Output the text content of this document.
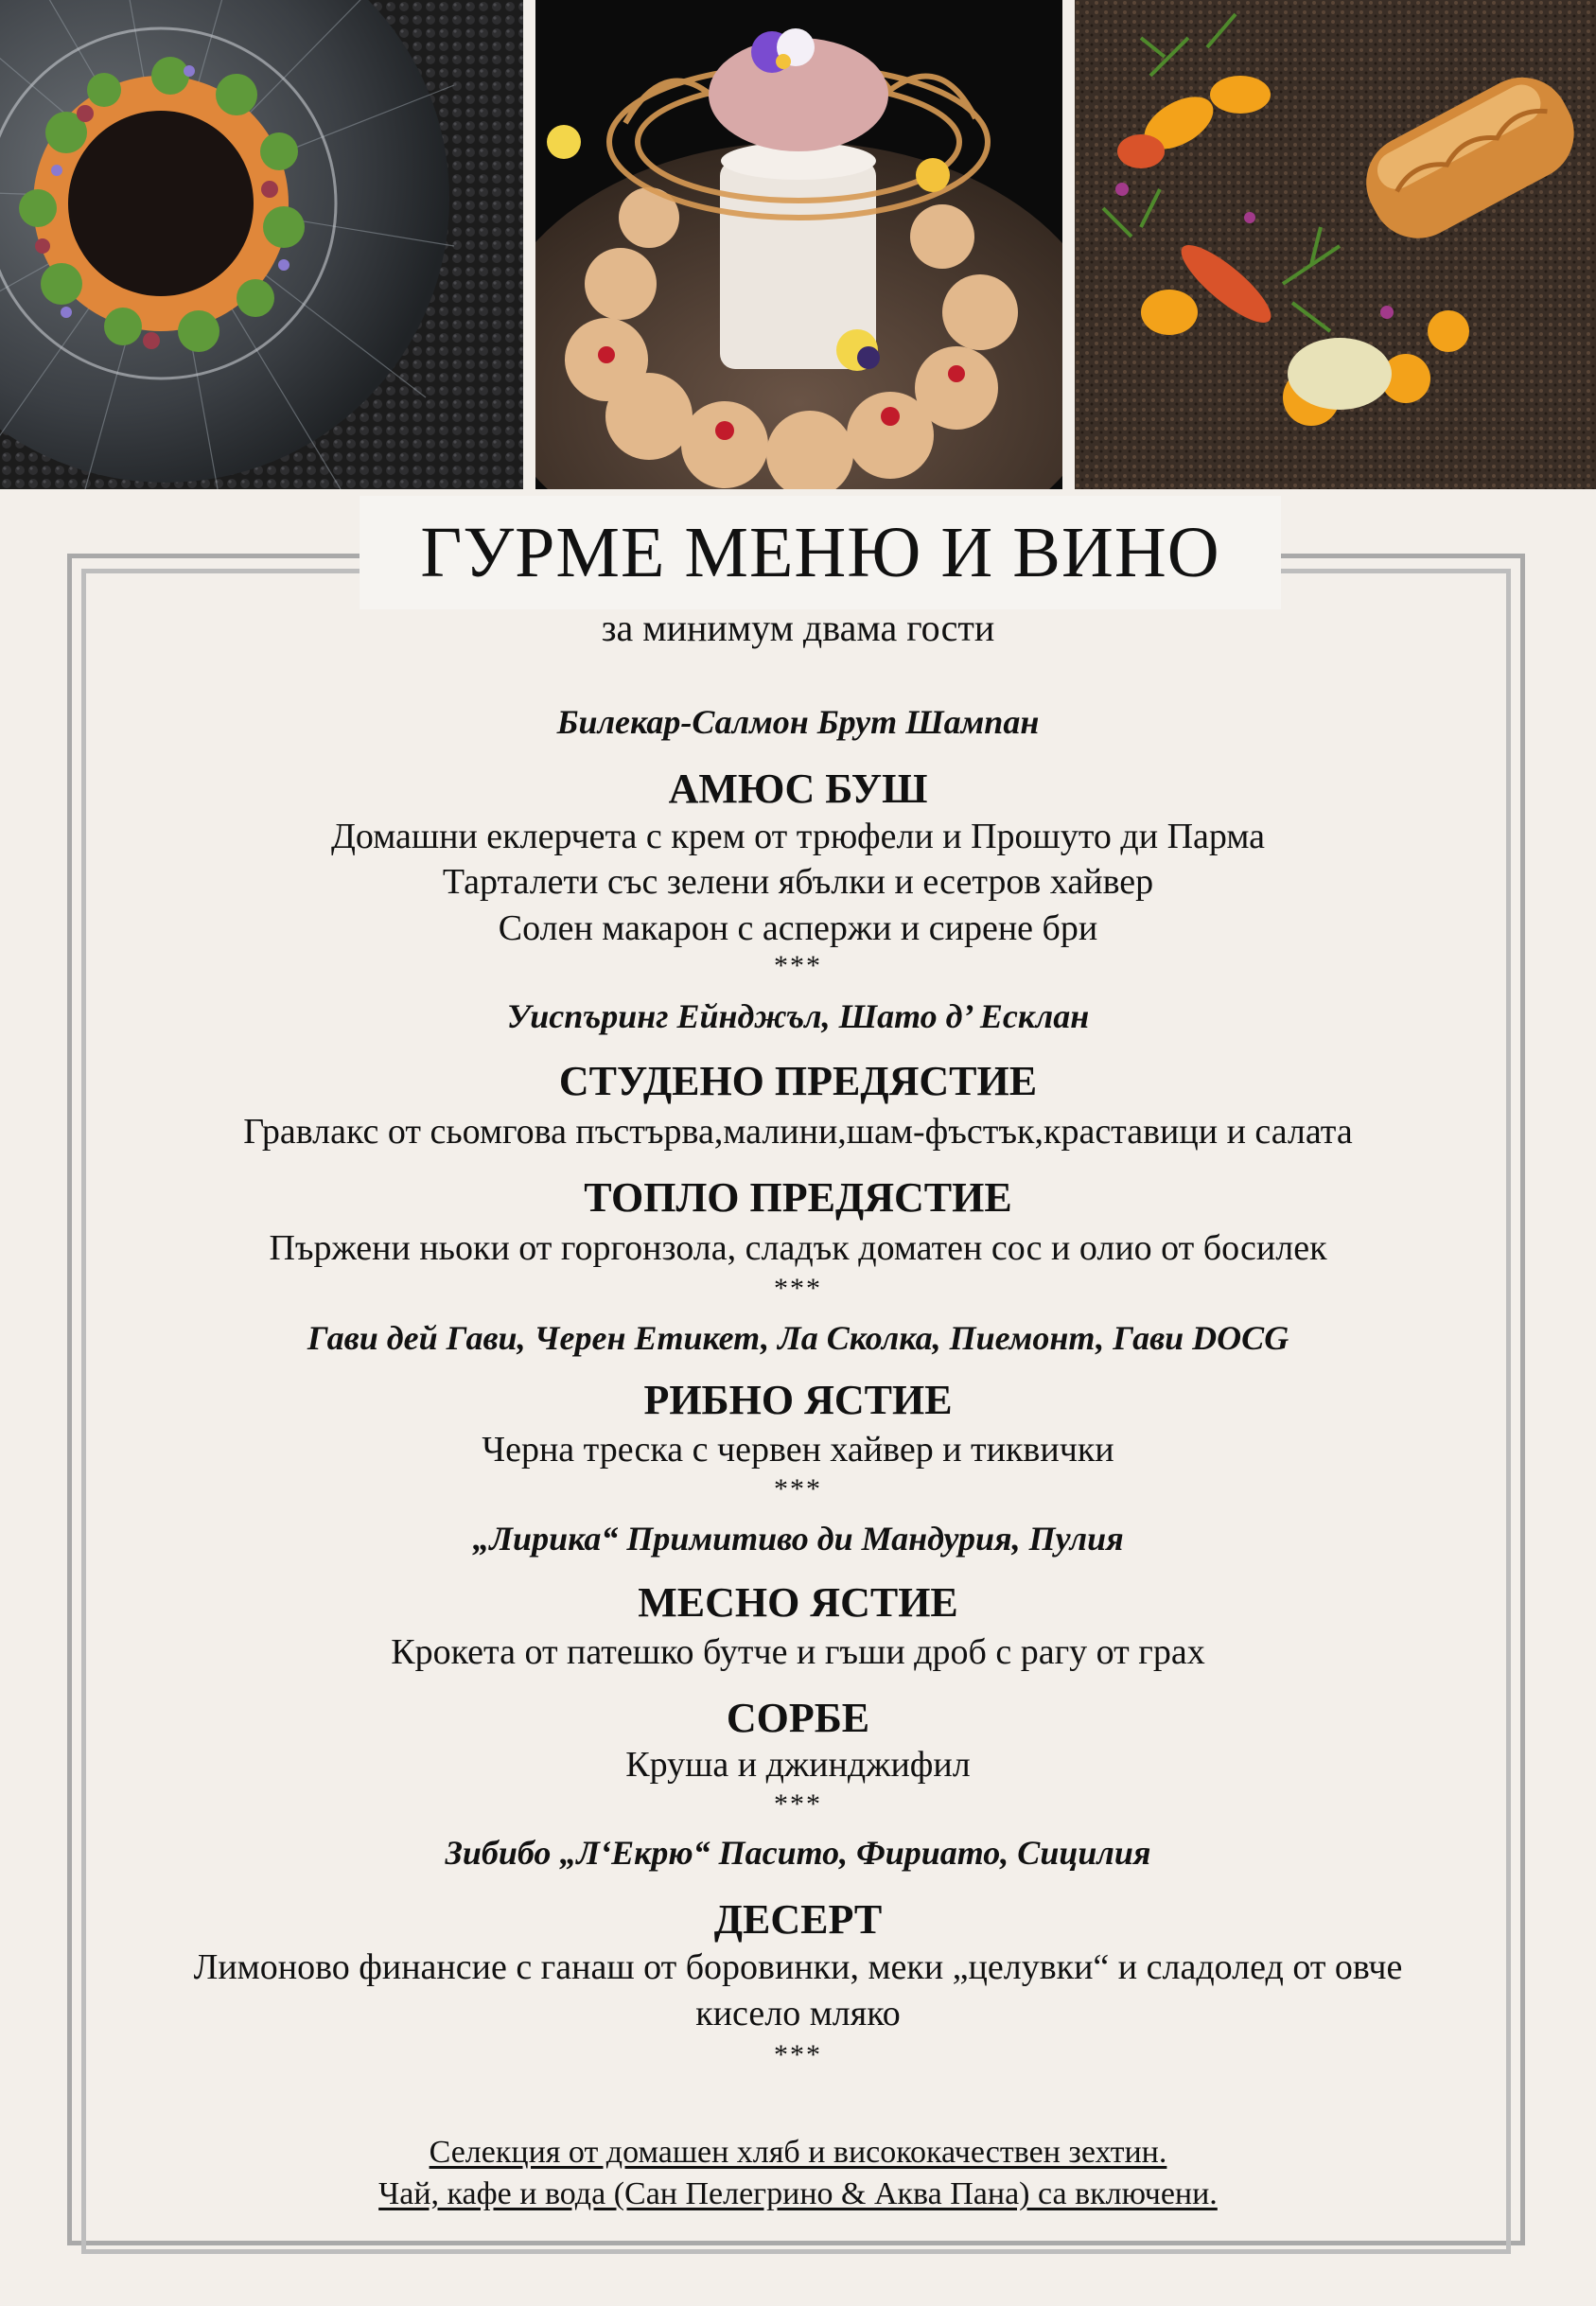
ГУРМЕ МЕНЮ И ВИНО
за минимум двама гости
Билекар-Салмон Брут Шампан
АМЮС БУШ
Домашни еклерчета с крем от трюфели и Прошуто ди Парма
Тарталети със зелени ябълки и есетров хайвер
Солен макарон с аспержи и сирене бри
***
Уиспъринг Ейнджъл, Шато д’ Есклан
СТУДЕНО ПРЕДЯСТИЕ
Гравлакс от сьомгова пъстърва,малини,шам-фъстък,краставици и салата
ТОПЛО ПРЕДЯСТИЕ
Пържени ньоки от горгонзола, сладък доматен сос и олио от босилек
***
Гави дей Гави, Черен Етикет, Ла Сколка, Пиемонт, Гави DOCG
РИБНО ЯСТИЕ
Черна треска с червен хайвер и тиквички
***
„Лирика“ Примитиво ди Мандурия, Пулия
МЕСНО ЯСТИЕ
Крокета от патешко бутче и гъши дроб с рагу от грах
СОРБЕ
Круша и джинджифил
***
Зибибо „Л‘Екрю“ Пасито, Фириато, Сицилия
ДЕСЕРТ
Лимоново финансие с ганаш от боровинки, меки „целувки“ и сладолед от овче
кисело мляко
***
Селекция от домашен хляб и висококачествен зехтин.
Чай, кафе и вода (Сан Пелегрино & Аква Пана) са включени.
